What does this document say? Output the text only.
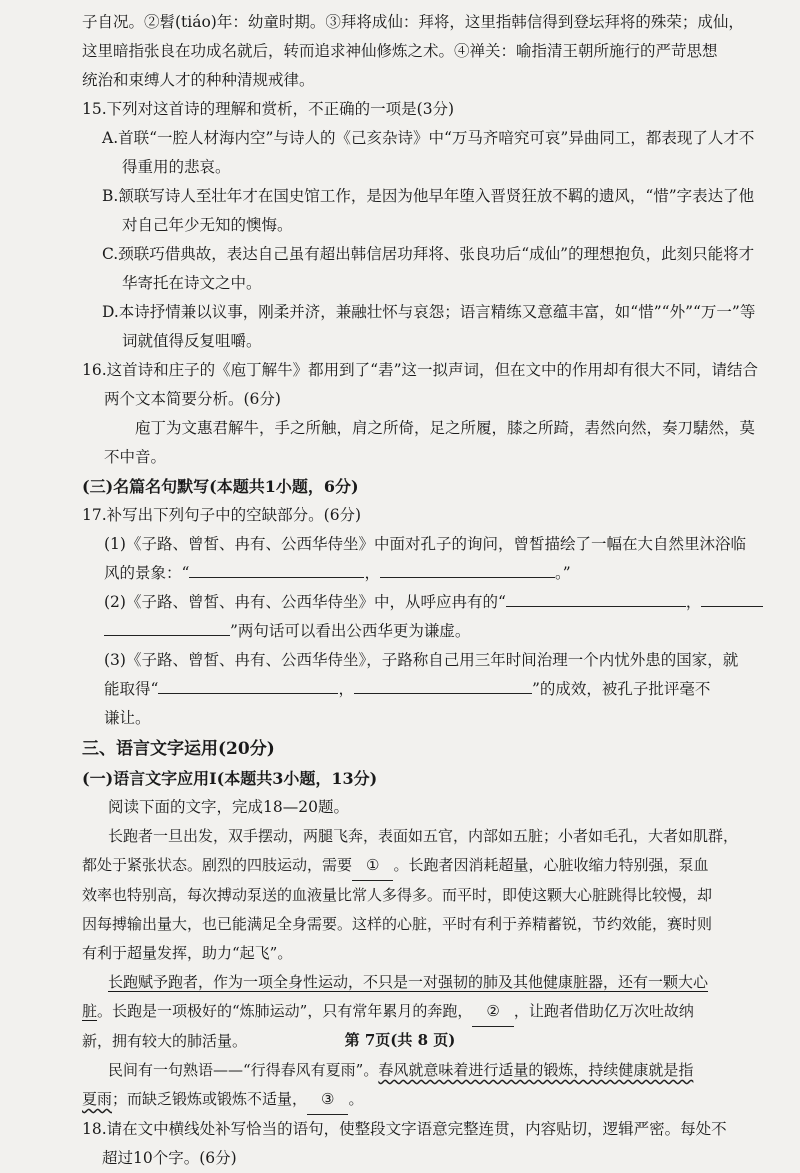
子自况。②髫(tiáo)年：幼童时期。③拜将成仙：拜将，这里指韩信得到登坛拜将的殊荣；成仙，

这里暗指张良在功成名就后，转而追求神仙修炼之术。④禅关：喻指清王朝所施行的严苛思想

统治和束缚人才的种种清规戒律。

15.下列对这首诗的理解和赏析，不正确的一项是(3分)

A.首联“一腔人材海内空”与诗人的《己亥杂诗》中“万马齐喑究可哀”异曲同工，都表现了人才不得重用的悲哀。

B.颔联写诗人至壮年才在国史馆工作，是因为他早年堕入晋贤狂放不羁的遗风，“惜”字表达了他对自己年少无知的懊悔。

C.颈联巧借典故，表达自己虽有超出韩信居功拜将、张良功后“成仙”的理想抱负，此刻只能将才华寄托在诗文之中。

D.本诗抒情兼以议事，刚柔并济，兼融壮怀与哀怨；语言精练又意蕴丰富，如“惜”“外”“万一”等词就值得反复咀嚼。

16.这首诗和庄子的《庖丁解牛》都用到了“砉”这一拟声词，但在文中的作用却有很大不同，请结合两个文本简要分析。(6分)

庖丁为文惠君解牛，手之所触，肩之所倚，足之所履，膝之所踦，砉然向然，奏刀騞然，莫不中音。

(三)名篇名句默写(本题共1小题，6分)

17.补写出下列句子中的空缺部分。(6分)

(1)《子路、曾皙、冉有、公西华侍坐》中面对孔子的询问，曾皙描绘了一幅在大自然里沐浴临
风的景象：“	，	。”
(2)《子路、曾皙、冉有、公西华侍坐》中，从呼应冉有的“	，
”两句话可以看出公西华更为谦虚。
(3)《子路、曾皙、冉有、公西华侍坐》，子路称自己用三年时间治理一个内忧外患的国家，就
能取得“	，	”的成效，被孔子批评毫不
谦让。

三、语言文字运用(20分)

(一)语言文字应用Ⅰ(本题共3小题，13分)

阅读下面的文字，完成18—20题。

长跑者一旦出发，双手摆动，两腿飞奔，表面如五官，内部如五脏；小者如毛孔，大者如肌群，
都处于紧张状态。剧烈的四肢运动，需要 ① 。长跑者因消耗超量，心脏收缩力特别强，泵血
效率也特别高，每次搏动泵送的血液量比常人多得多。而平时，即使这颗大心脏跳得比较慢，却
因每搏输出量大，也已能满足全身需要。这样的心脏，平时有利于养精蓄锐，节约效能，赛时则
有利于超量发挥，助力“起飞”。
长跑赋予跑者，作为一项全身性运动，不只是一对强韧的肺及其他健康脏器，还有一颗大心
脏。长跑是一项极好的“炼肺运动”，只有常年累月的奔跑， ② ，让跑者借助亿万次吐故纳
新，拥有较大的肺活量。
民间有一句熟语——“行得春风有夏雨”。春风就意味着进行适量的锻炼，持续健康就是指
夏雨；而缺乏锻炼或锻炼不适量， ③ 。

18.请在文中横线处补写恰当的语句，使整段文字语意完整连贯，内容贴切，逻辑严密。每处不

超过10个字。(6分)

第 7页(共 8 页)
